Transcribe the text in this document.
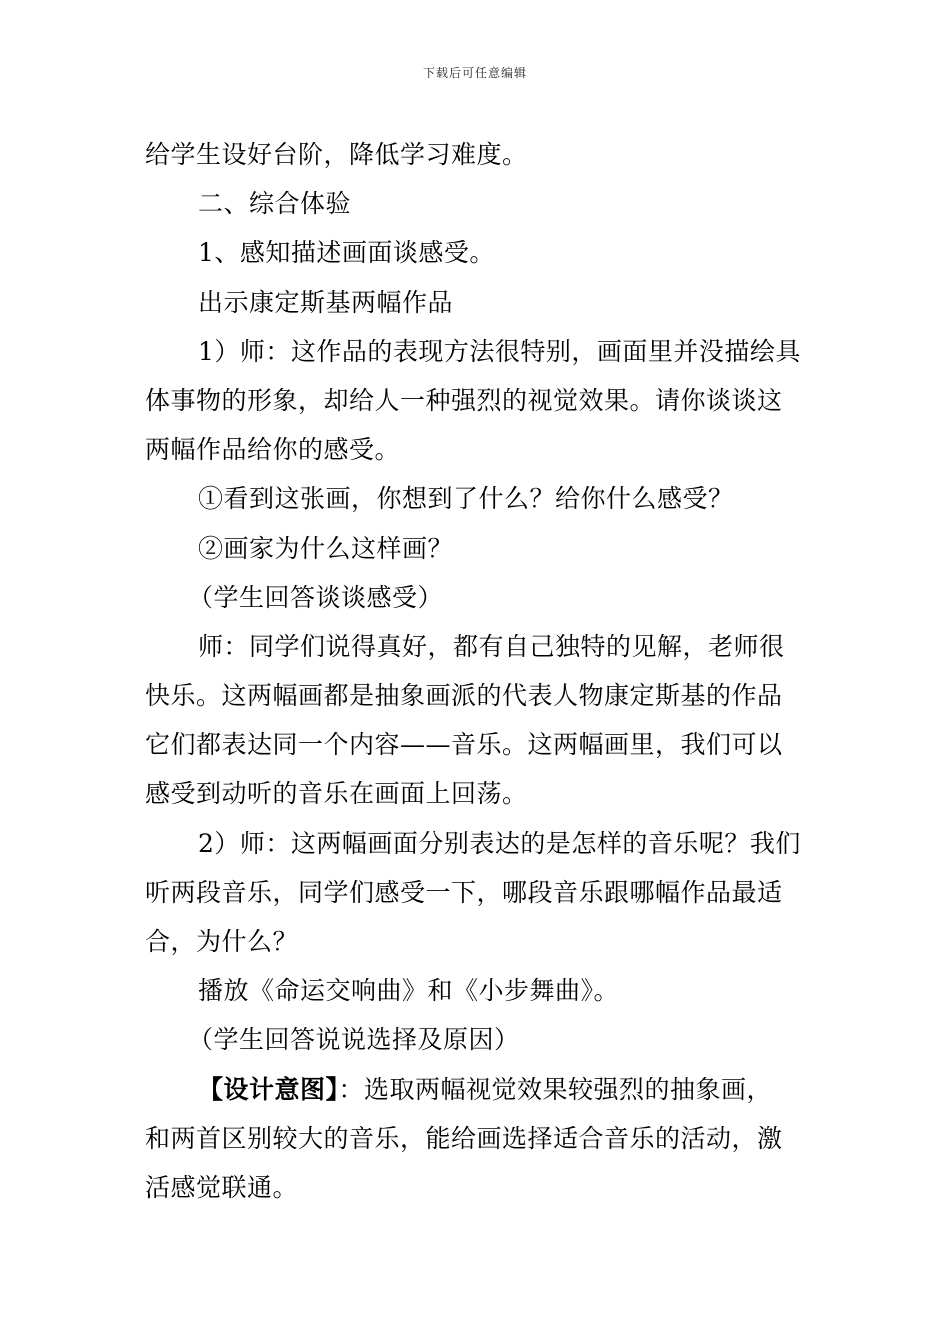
下载后可任意编辑
给学生设好台阶，降低学习难度。
二、综合体验
1、感知描述画面谈感受。
出示康定斯基两幅作品
1）师：这作品的表现方法很特别，画面里并没描绘具
体事物的形象，却给人一种强烈的视觉效果。请你谈谈这
两幅作品给你的感受。
①看到这张画，你想到了什么？给你什么感受？
②画家为什么这样画？
（学生回答谈谈感受）
师：同学们说得真好，都有自己独特的见解，老师很
快乐。这两幅画都是抽象画派的代表人物康定斯基的作品
它们都表达同一个内容——音乐。这两幅画里，我们可以
感受到动听的音乐在画面上回荡。
2）师：这两幅画面分别表达的是怎样的音乐呢？我们
听两段音乐，同学们感受一下，哪段音乐跟哪幅作品最适
合，为什么？
播放《命运交响曲》和《小步舞曲》。
（学生回答说说选择及原因）
【设计意图】：选取两幅视觉效果较强烈的抽象画，
和两首区别较大的音乐，能给画选择适合音乐的活动，激
活感觉联通。
